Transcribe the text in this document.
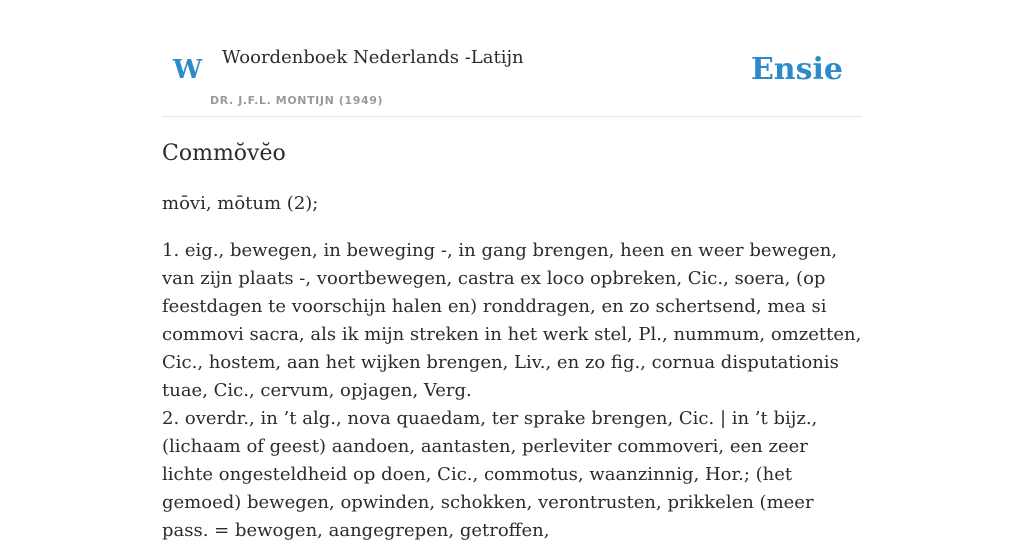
W Woordenboek Nederlands -Latijn
DR. J.F.L. MONTIJN (1949)
Ensie
Commŏvĕo

mōvi, mōtum (2);

1. eig., bewegen, in beweging -, in gang brengen, heen en weer bewegen, van zijn plaats -, voortbewegen, castra ex loco opbreken, Cic., soera, (op feestdagen te voorschijn halen en) ronddragen, en zo schertsend, mea si commovi sacra, als ik mijn streken in het werk stel, Pl., nummum, omzetten, Cic., hostem, aan het wijken brengen, Liv., en zo fig., cornua disputationis tuae, Cic., cervum, opjagen, Verg.

2. overdr., in ’t alg., nova quaedam, ter sprake brengen, Cic. | in ’t bijz., (lichaam of geest) aandoen, aantasten, perleviter commoveri, een zeer lichte ongesteldheid op doen, Cic., commotus, waanzinnig, Hor.; (het gemoed) bewegen, opwinden, schokken, verontrusten, prikkelen (meer pass. = bewogen, aangegrepen, getroffen,
